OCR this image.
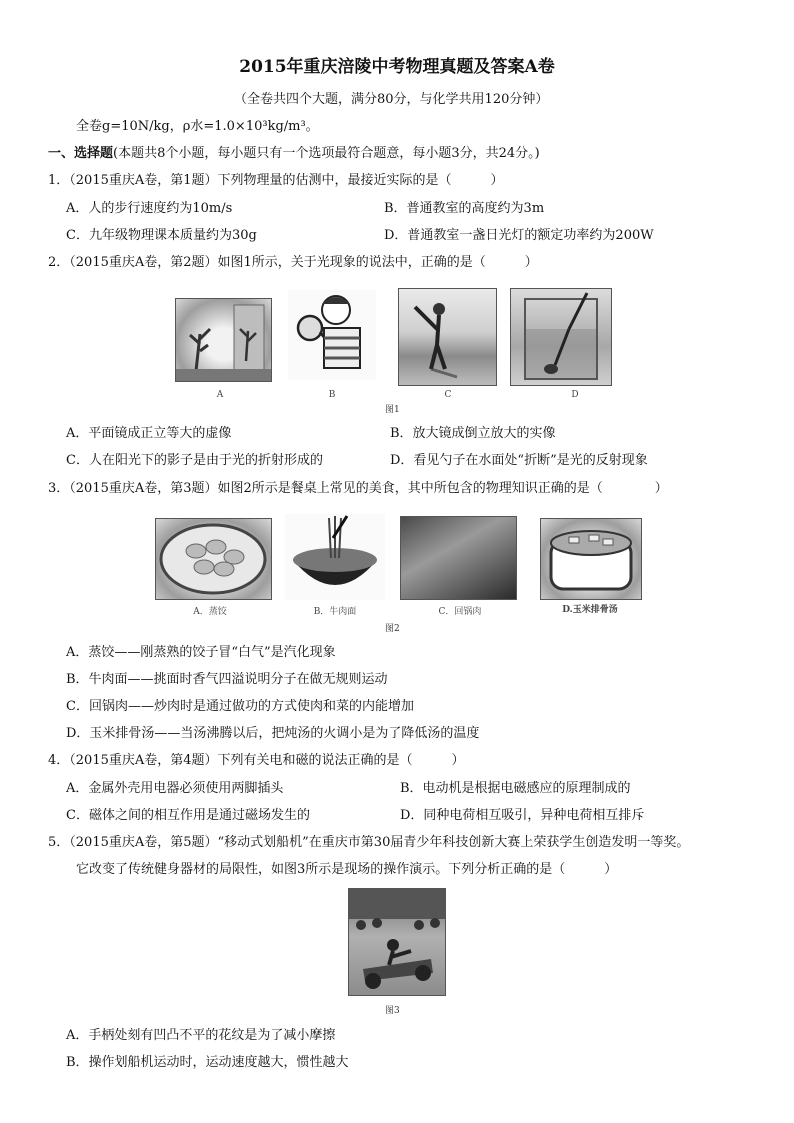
2015年重庆涪陵中考物理真题及答案A卷
（全卷共四个大题，满分80分，与化学共用120分钟）
全卷g=10N/kg，ρ水=1.0×10³kg/m³。
一、选择题(本题共8个小题，每小题只有一个选项最符合题意，每小题3分，共24分。)
1．（2015重庆A卷，第1题）下列物理量的估测中，最接近实际的是（　　　）
A．人的步行速度约为10m/s	B．普通教室的高度约为3m
C．九年级物理课本质量约为30g	D．普通教室一盏日光灯的额定功率约为200W
2．（2015重庆A卷，第2题）如图1所示，关于光现象的说法中，正确的是（　　　）
A	B	C	D
图1
A．平面镜成正立等大的虚像	B．放大镜成倒立放大的实像
C．人在阳光下的影子是由于光的折射形成的	D．看见勺子在水面处“折断”是光的反射现象
3．（2015重庆A卷，第3题）如图2所示是餐桌上常见的美食，其中所包含的物理知识正确的是（　　　　）
A．蒸饺	B．牛肉面	C．回锅肉	D.玉米排骨汤
图2
A．蒸饺——刚蒸熟的饺子冒“白气”是汽化现象
B．牛肉面——挑面时香气四溢说明分子在做无规则运动
C．回锅肉——炒肉时是通过做功的方式使肉和菜的内能增加
D．玉米排骨汤——当汤沸腾以后，把炖汤的火调小是为了降低汤的温度
4．（2015重庆A卷，第4题）下列有关电和磁的说法正确的是（　　　）
A．金属外壳用电器必须使用两脚插头	B．电动机是根据电磁感应的原理制成的
C．磁体之间的相互作用是通过磁场发生的	D．同种电荷相互吸引，异种电荷相互排斥
5．（2015重庆A卷，第5题）“移动式划船机”在重庆市第30届青少年科技创新大赛上荣获学生创造发明一等奖。
它改变了传统健身器材的局限性，如图3所示是现场的操作演示。下列分析正确的是（　　　）
图3
A．手柄处刻有凹凸不平的花纹是为了减小摩擦
B．操作划船机运动时，运动速度越大，惯性越大
